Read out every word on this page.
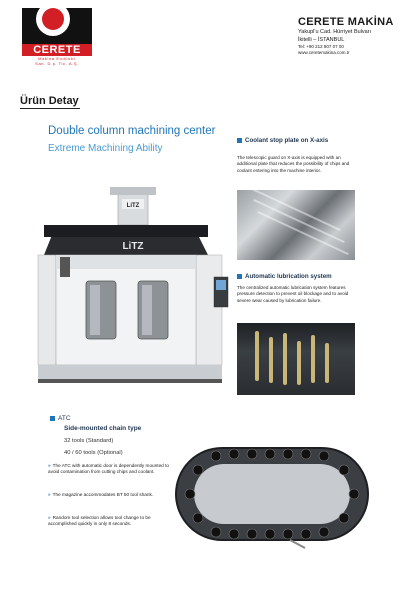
CERETE
Makina Endüstri
San. D.ş. Tic. A.Ş.
CERETE MAKİNA
Yakupl'u Cad. Hürriyet Bulvarı
İkitelli – İSTANBUL
Tel: +90 212 807 07 00
www.ceretemakina.com.tr
Ürün Detay
Double column machining center
Extreme Machining Ability
LiTZ
LiTZ
Coolant stop plate on X-axis
The telescopic guard on X-axis is equipped with an additional plate that reduces the possibility of chips and coolant entering into the machine interior.
Automatic lubrication system
The centralized automatic lubrication system features pressure detection to prevent oil blockage and to avoid severe wear caused by lubrication failure.
ATC
Side-mounted chain type
32 tools (Standard)
40 / 60 tools (Optional)
» The ATC with automatic door is dependently mounted to avoid contamination from cutting chips and coolant.
» The magazine accommodates BT 50 tool shank.
» Random tool selection allows tool change to be accomplished quickly in only 8 seconds.
